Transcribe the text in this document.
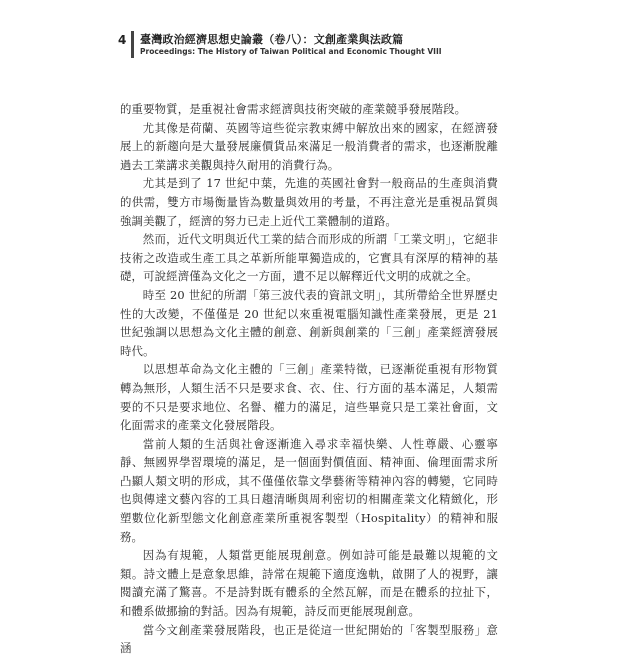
4 臺灣政治經濟思想史論叢（卷八）：文創產業與法政篇
Proceedings: The History of Taiwan Political and Economic Thought VIII

的重要物質，是重視社會需求經濟與技術突破的產業競爭發展階段。

尤其像是荷蘭、英國等這些從宗教束縛中解放出來的國家，在經濟發展上的新趨向是大量發展廉價貨品來滿足一般消費者的需求，也逐漸脫離過去工業講求美觀與持久耐用的消費行為。

尤其是到了 17 世紀中葉，先進的英國社會對一般商品的生產與消費的供需，雙方市場衡量皆為數量與效用的考量，不再注意光是重視品質與強調美觀了，經濟的努力已走上近代工業體制的道路。

然而，近代文明與近代工業的結合而形成的所謂「工業文明」，它絕非技術之改造或生產工具之革新所能單獨造成的，它實具有深厚的精神的基礎，可說經濟僅為文化之一方面，遺不足以解釋近代文明的成就之全。

時至 20 世紀的所謂「第三波代表的資訊文明」，其所帶給全世界歷史性的大改變，不僅僅是 20 世紀以來重視電腦知識性產業發展，更是 21 世紀強調以思想為文化主體的創意、創新與創業的「三創」產業經濟發展時代。

以思想革命為文化主體的「三創」產業特徵，已逐漸從重視有形物質轉為無形，人類生活不只是要求食、衣、住、行方面的基本滿足，人類需要的不只是要求地位、名譽、權力的滿足，這些畢竟只是工業社會面，文化面需求的產業文化發展階段。

當前人類的生活與社會逐漸進入尋求幸福快樂、人性尊嚴、心靈寧靜、無國界學習環境的滿足，是一個面對價值面、精神面、倫理面需求所凸顯人類文明的形成，其不僅僅依靠文學藝術等精神內容的轉變，它同時也與傳達文藝內容的工具日趨清晰與周利密切的相關產業文化精緻化，形塑數位化新型態文化創意產業所重視客製型（Hospitality）的精神和服務。

因為有規範，人類當更能展現創意。例如詩可能是最難以規範的文類。詩文體上是意象思維，詩常在規範下適度逸軌，啟開了人的視野，讓閱讀充滿了驚喜。不是詩對既有體系的全然瓦解，而是在體系的拉扯下，和體系做挪揄的對話。因為有規範，詩反而更能展現創意。

當今文創產業發展階段，也正是從這一世紀開始的「客製型服務」意涵
